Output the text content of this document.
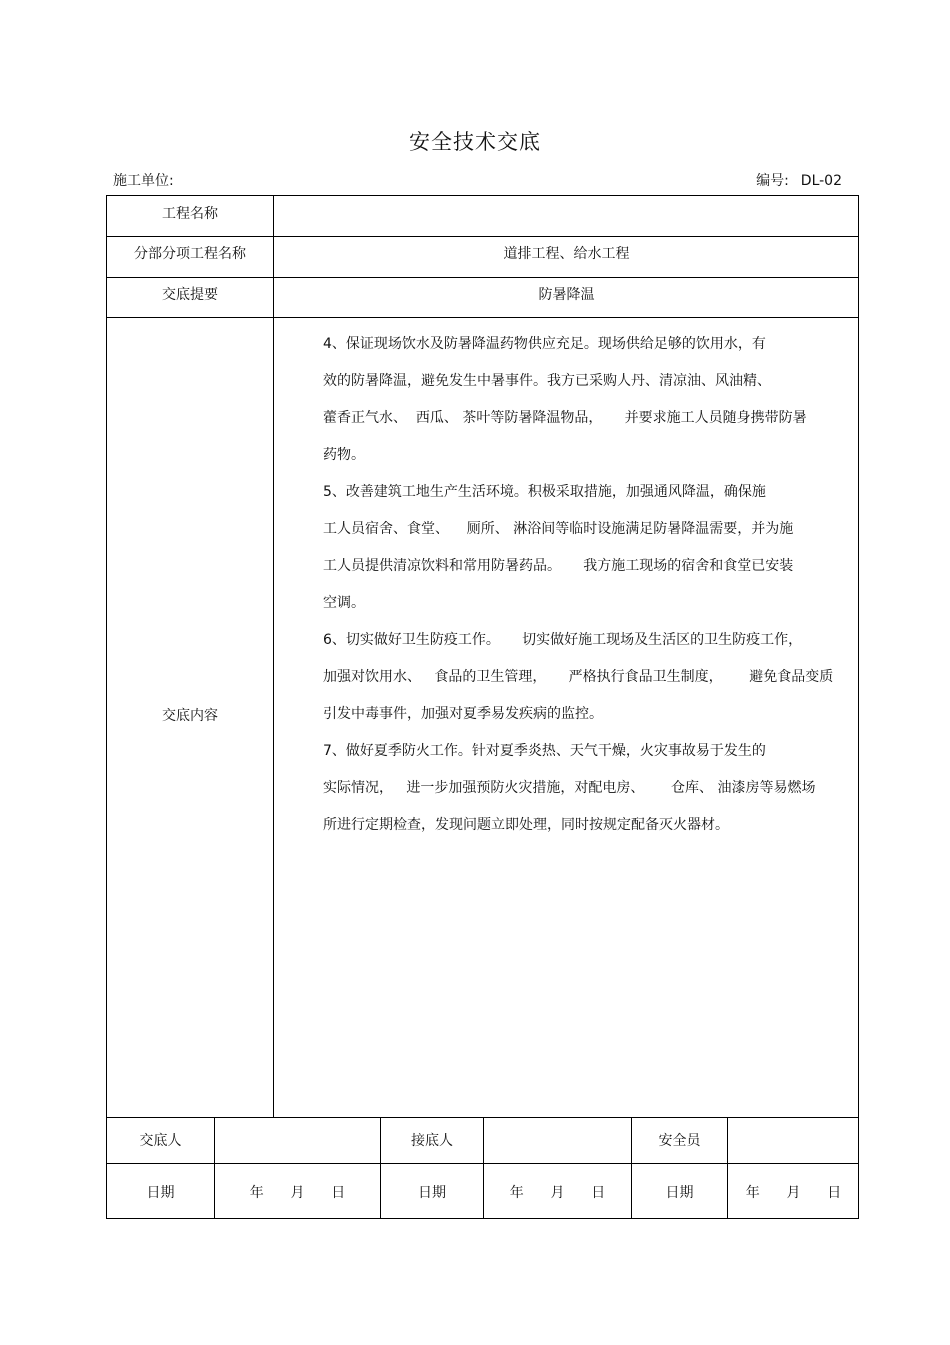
安全技术交底
施工单位:	编号: DL-02
工程名称
分部分项工程名称	道排工程、给水工程
交底提要	防暑降温
交底内容
4、保证现场饮水及防暑降温药物供应充足。现场供给足够的饮用水，有
效的防暑降温，避免发生中暑事件。我方已采购人丹、清凉油、风油精、
藿香正气水、  西瓜、 茶叶等防暑降温物品，     并要求施工人员随身携带防暑
药物。
5、改善建筑工地生产生活环境。积极采取措施，加强通风降温，确保施
工人员宿舍、食堂、    厕所、 淋浴间等临时设施满足防暑降温需要，并为施
工人员提供清凉饮料和常用防暑药品。     我方施工现场的宿舍和食堂已安装
空调。
6、切实做好卫生防疫工作。     切实做好施工现场及生活区的卫生防疫工作，
加强对饮用水、   食品的卫生管理，     严格执行食品卫生制度，      避免食品变质
引发中毒事件，加强对夏季易发疾病的监控。
7、做好夏季防火工作。针对夏季炎热、天气干燥，火灾事故易于发生的
实际情况，   进一步加强预防火灾措施，对配电房、      仓库、 油漆房等易燃场
所进行定期检查，发现问题立即处理，同时按规定配备灭火器材。
交底人	接底人	安全员
日期	年      月      日	日期	年      月      日	日期	年      月      日
